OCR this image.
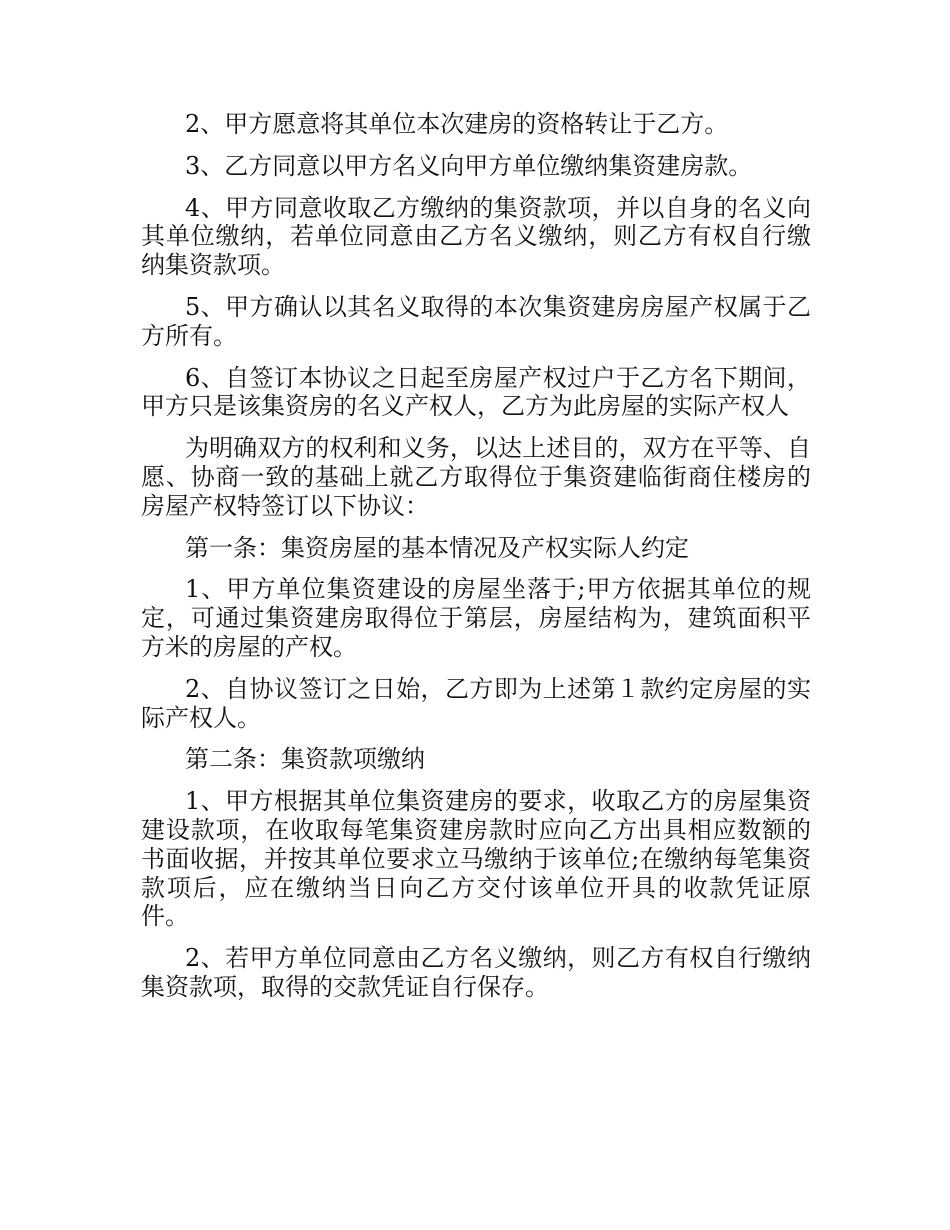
2、甲方愿意将其单位本次建房的资格转让于乙方。

3、乙方同意以甲方名义向甲方单位缴纳集资建房款。

4、甲方同意收取乙方缴纳的集资款项，并以自身的名义向其单位缴纳，若单位同意由乙方名义缴纳，则乙方有权自行缴纳集资款项。

5、甲方确认以其名义取得的本次集资建房房屋产权属于乙方所有。

6、自签订本协议之日起至房屋产权过户于乙方名下期间，甲方只是该集资房的名义产权人，乙方为此房屋的实际产权人

为明确双方的权利和义务，以达上述目的，双方在平等、自愿、协商一致的基础上就乙方取得位于集资建临街商住楼房的房屋产权特签订以下协议：

第一条：集资房屋的基本情况及产权实际人约定

1、甲方单位集资建设的房屋坐落于;甲方依据其单位的规定，可通过集资建房取得位于第层，房屋结构为，建筑面积平方米的房屋的产权。

2、自协议签订之日始，乙方即为上述第１款约定房屋的实际产权人。

第二条：集资款项缴纳

1、甲方根据其单位集资建房的要求，收取乙方的房屋集资建设款项，在收取每笔集资建房款时应向乙方出具相应数额的书面收据，并按其单位要求立马缴纳于该单位;在缴纳每笔集资款项后，应在缴纳当日向乙方交付该单位开具的收款凭证原件。

2、若甲方单位同意由乙方名义缴纳，则乙方有权自行缴纳集资款项，取得的交款凭证自行保存。
